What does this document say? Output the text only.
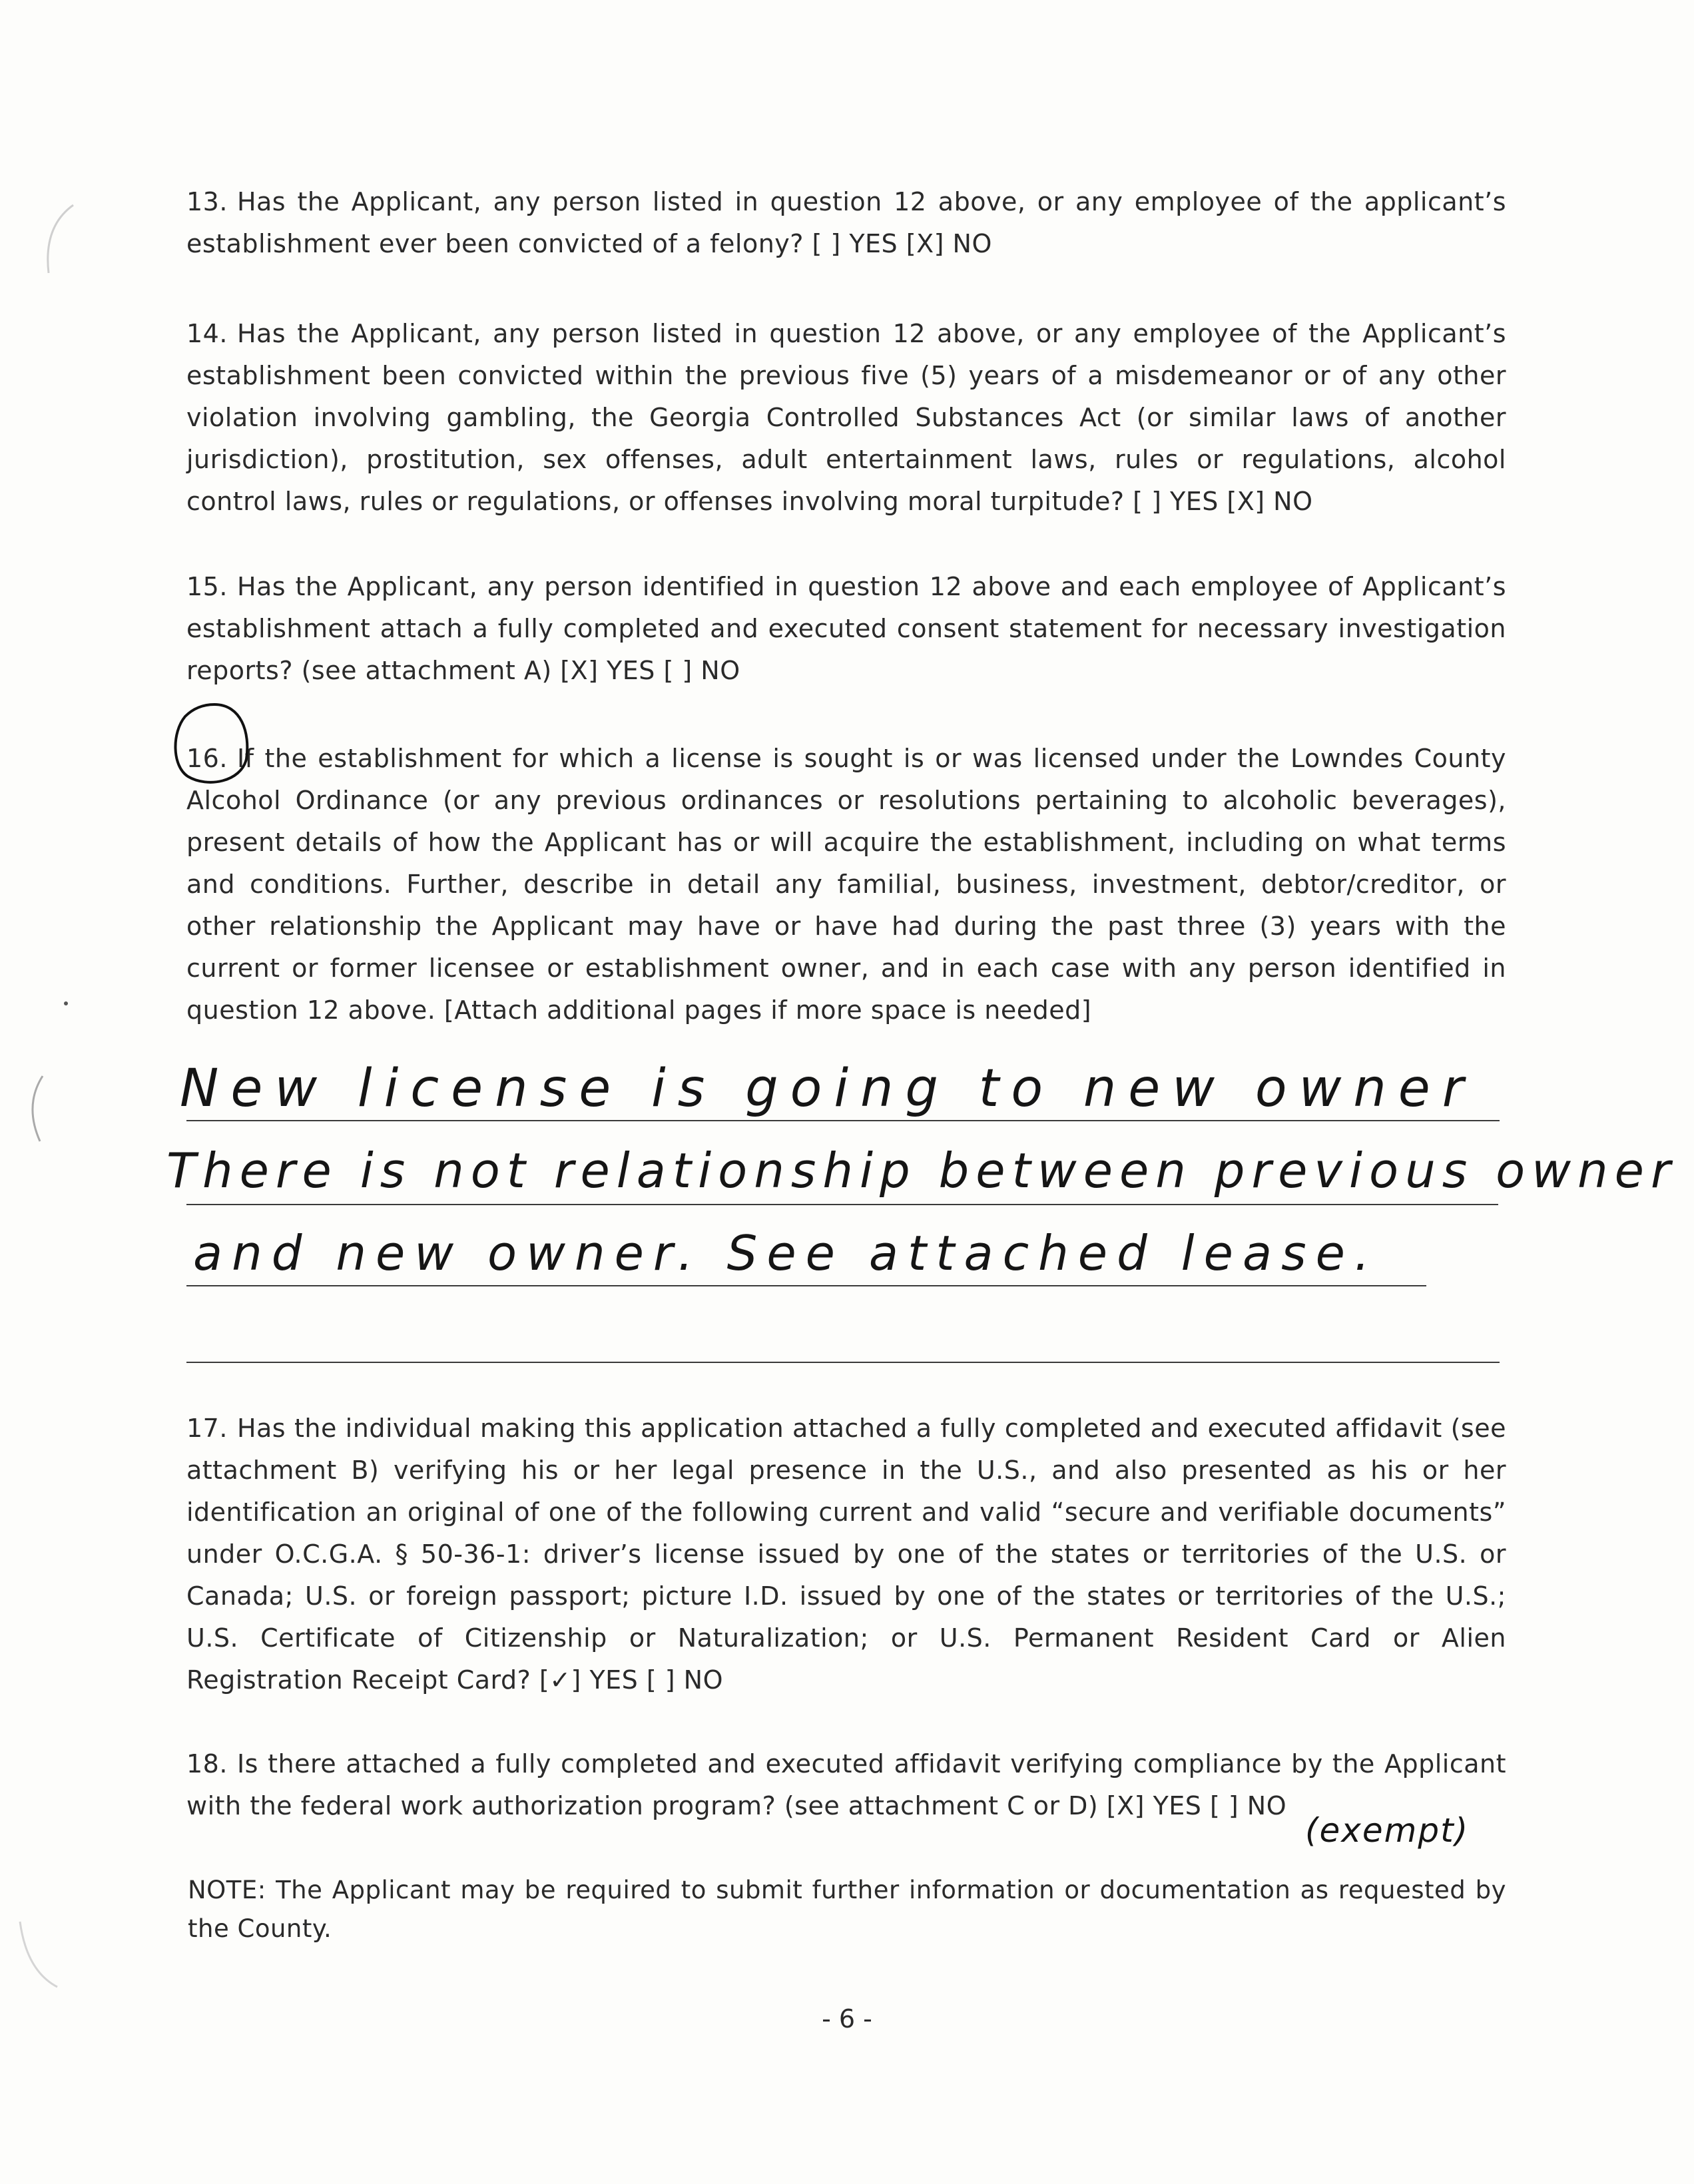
13. Has the Applicant, any person listed in question 12 above, or any employee of the applicant’s establishment ever been convicted of a felony? [ ] YES [X] NO
14. Has the Applicant, any person listed in question 12 above, or any employee of the Applicant’s establishment been convicted within the previous five (5) years of a misdemeanor or of any other violation involving gambling, the Georgia Controlled Substances Act (or similar laws of another jurisdiction), prostitution, sex offenses, adult entertainment laws, rules or regulations, alcohol control laws, rules or regulations, or offenses involving moral turpitude? [ ] YES [X] NO
15. Has the Applicant, any person identified in question 12 above and each employee of Applicant’s establishment attach a fully completed and executed consent statement for necessary investigation reports? (see attachment A) [X] YES [ ] NO
16. If the establishment for which a license is sought is or was licensed under the Lowndes County Alcohol Ordinance (or any previous ordinances or resolutions pertaining to alcoholic beverages), present details of how the Applicant has or will acquire the establishment, including on what terms and conditions. Further, describe in detail any familial, business, investment, debtor/creditor, or other relationship the Applicant may have or have had during the past three (3) years with the current or former licensee or establishment owner, and in each case with any person identified in question 12 above. [Attach additional pages if more space is needed]
New license is going to new owner
There is not relationship between previous owner
and new owner. See attached lease.
17. Has the individual making this application attached a fully completed and executed affidavit (see attachment B) verifying his or her legal presence in the U.S., and also presented as his or her identification an original of one of the following current and valid “secure and verifiable documents” under O.C.G.A. § 50-36-1: driver’s license issued by one of the states or territories of the U.S. or Canada; U.S. or foreign passport; picture I.D. issued by one of the states or territories of the U.S.; U.S. Certificate of Citizenship or Naturalization; or U.S. Permanent Resident Card or Alien Registration Receipt Card? [✓] YES [ ] NO
18. Is there attached a fully completed and executed affidavit verifying compliance by the Applicant with the federal work authorization program? (see attachment C or D) [X] YES [ ] NO
(exempt)
NOTE: The Applicant may be required to submit further information or documentation as requested by the County.
- 6 -
